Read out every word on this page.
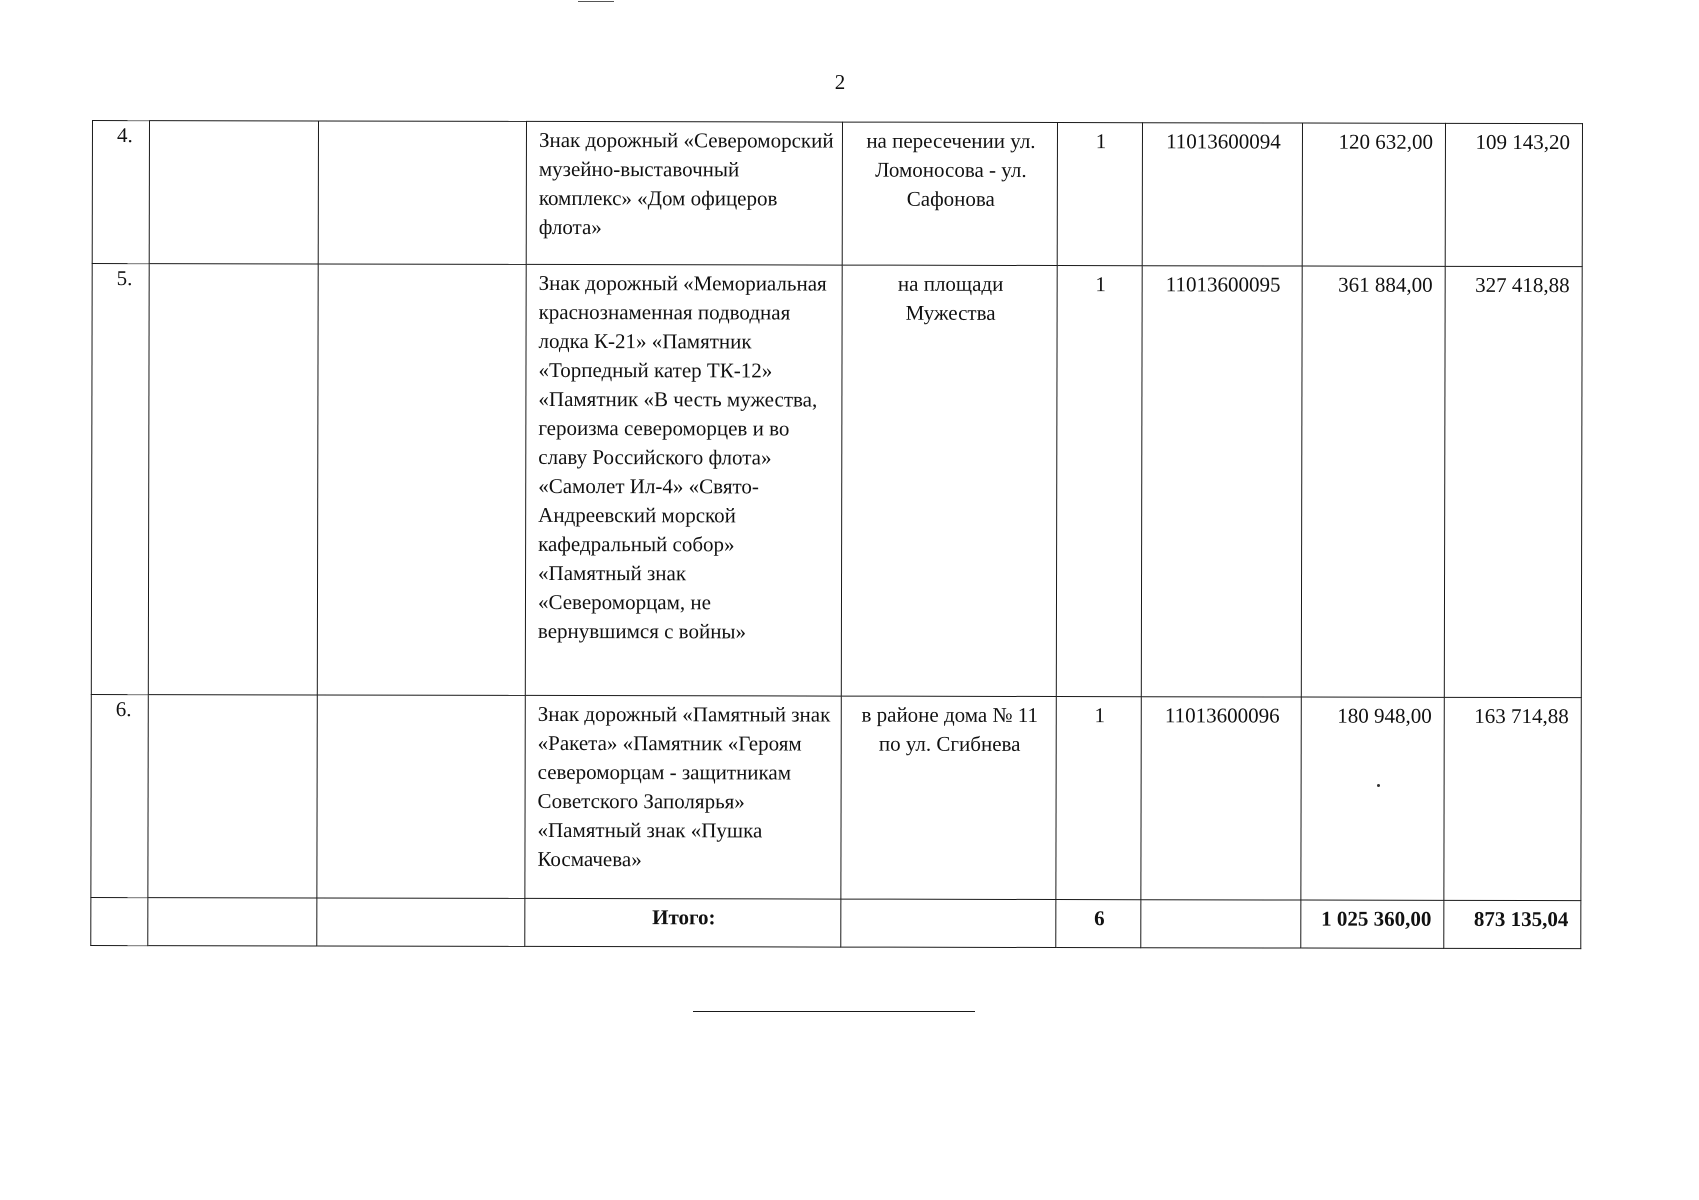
2
4.			Знак дорожный «Североморский музейно-выставочный комплекс» «Дом офицеров флота»	на пересечении ул. Ломоносова - ул. Сафонова	1	11013600094	120 632,00	109 143,20
5.			Знак дорожный «Мемориальная краснознаменная подводная лодка К-21» «Памятник «Торпедный катер ТК-12» «Памятник «В честь мужества, героизма североморцев и во славу Российского флота» «Самолет Ил-4» «Свято-Андреевский морской кафедральный собор» «Памятный знак «Североморцам, не вернувшимся с войны»	на площади Мужества	1	11013600095	361 884,00	327 418,88
6.			Знак дорожный «Памятный знак «Ракета» «Памятник «Героям североморцам - защитникам Советского Заполярья» «Памятный знак «Пушка Космачева»	в районе дома № 11 по ул. Сгибнева	1	11013600096	180 948,00	163 714,88
			Итого:		6		1 025 360,00	873 135,04
